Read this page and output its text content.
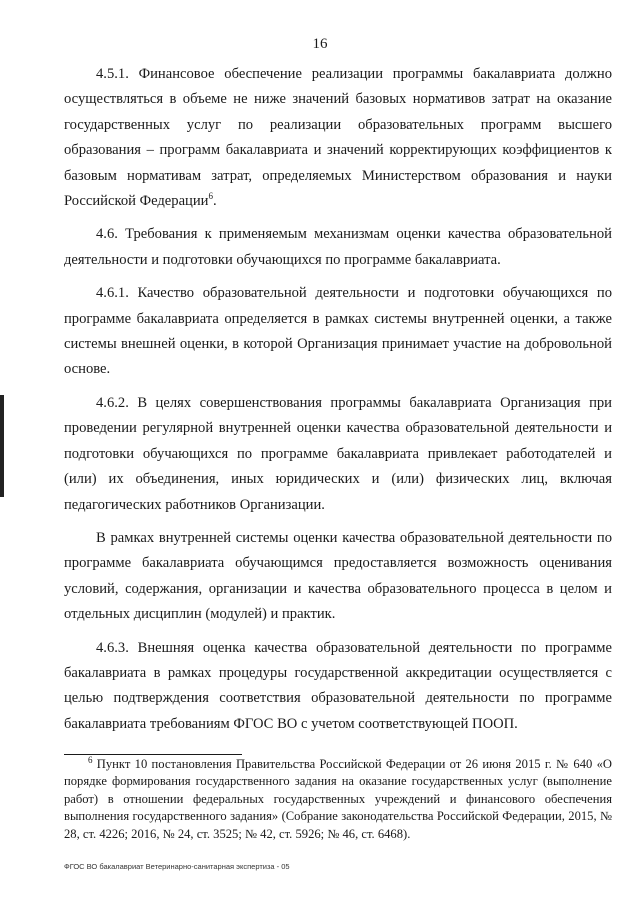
16

4.5.1. Финансовое обеспечение реализации программы бакалавриата должно осуществляться в объеме не ниже значений базовых нормативов затрат на оказание государственных услуг по реализации образовательных программ высшего образования – программ бакалавриата и значений корректирующих коэффициентов к базовым нормативам затрат, определяемых Министерством образования и науки Российской Федерации$^6$.

4.6. Требования к применяемым механизмам оценки качества образовательной деятельности и подготовки обучающихся по программе бакалавриата.

4.6.1. Качество образовательной деятельности и подготовки обучающихся по программе бакалавриата определяется в рамках системы внутренней оценки, а также системы внешней оценки, в которой Организация принимает участие на добровольной основе.

4.6.2. В целях совершенствования программы бакалавриата Организация при проведении регулярной внутренней оценки качества образовательной деятельности и подготовки обучающихся по программе бакалавриата привлекает работодателей и (или) их объединения, иных юридических и (или) физических лиц, включая педагогических работников Организации.

В рамках внутренней системы оценки качества образовательной деятельности по программе бакалавриата обучающимся предоставляется возможность оценивания условий, содержания, организации и качества образовательного процесса в целом и отдельных дисциплин (модулей) и практик.

4.6.3. Внешняя оценка качества образовательной деятельности по программе бакалавриата в рамках процедуры государственной аккредитации осуществляется с целью подтверждения соответствия образовательной деятельности по программе бакалавриата требованиям ФГОС ВО с учетом соответствующей ПООП.

$^6$ Пункт 10 постановления Правительства Российской Федерации от 26 июня 2015 г. № 640 «О порядке формирования государственного задания на оказание государственных услуг (выполнение работ) в отношении федеральных государственных учреждений и финансового обеспечения выполнения государственного задания» (Собрание законодательства Российской Федерации, 2015, № 28, ст. 4226; 2016, № 24, ст. 3525; № 42, ст. 5926; № 46, ст. 6468).

ФГОС ВО бакалавриат Ветеринарно-санитарная экспертиза - 05
